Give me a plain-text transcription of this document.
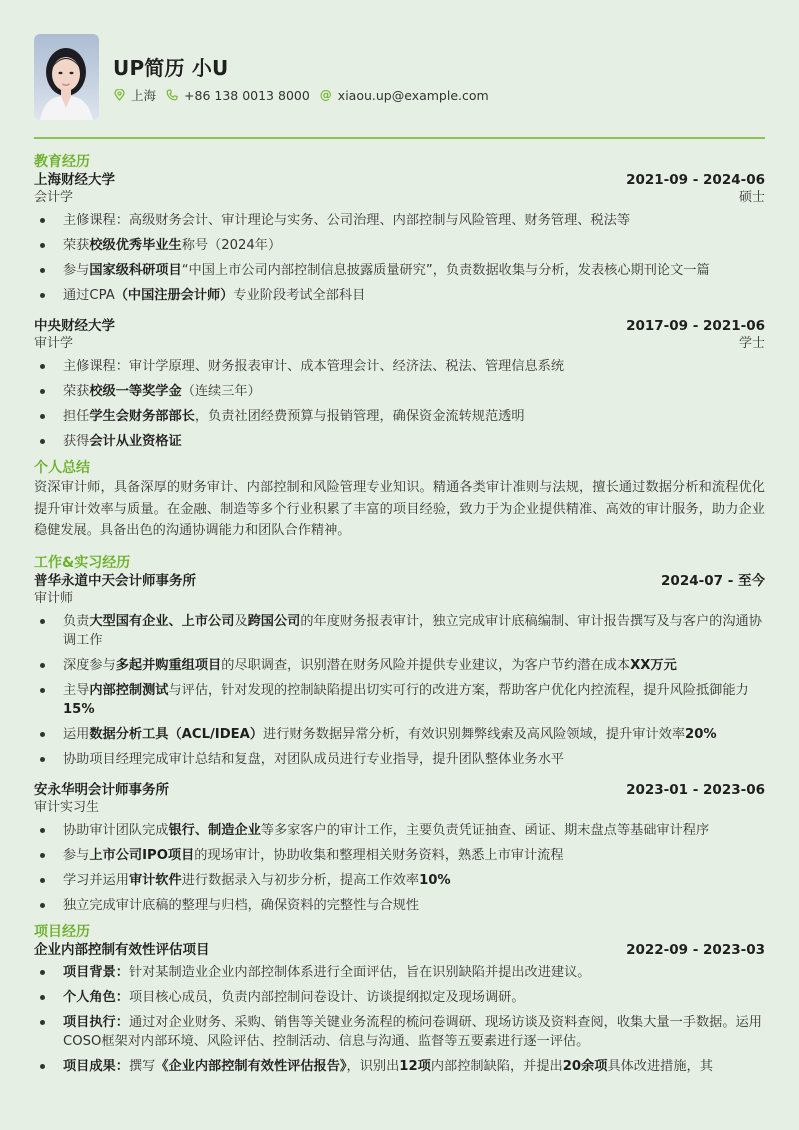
UP简历 小U
上海 +86 138 0013 8000 @ xiaou.up@example.com
教育经历
上海财经大学	2021-09 - 2024-06
会计学	硕士
主修课程：高级财务会计、审计理论与实务、公司治理、内部控制与风险管理、财务管理、税法等
荣获校级优秀毕业生称号（2024年）
参与国家级科研项目“中国上市公司内部控制信息披露质量研究”，负责数据收集与分析，发表核心期刊论文一篇
通过CPA（中国注册会计师）专业阶段考试全部科目
中央财经大学	2017-09 - 2021-06
审计学	学士
主修课程：审计学原理、财务报表审计、成本管理会计、经济法、税法、管理信息系统
荣获校级一等奖学金（连续三年）
担任学生会财务部部长，负责社团经费预算与报销管理，确保资金流转规范透明
获得会计从业资格证
个人总结
资深审计师，具备深厚的财务审计、内部控制和风险管理专业知识。精通各类审计准则与法规，擅长通过数据分析和流程优化提升审计效率与质量。在金融、制造等多个行业积累了丰富的项目经验，致力于为企业提供精准、高效的审计服务，助力企业稳健发展。具备出色的沟通协调能力和团队合作精神。
工作&实习经历
普华永道中天会计师事务所	2024-07 - 至今
审计师
负责大型国有企业、上市公司及跨国公司的年度财务报表审计，独立完成审计底稿编制、审计报告撰写及与客户的沟通协调工作
深度参与多起并购重组项目的尽职调查，识别潜在财务风险并提供专业建议，为客户节约潜在成本XX万元
主导内部控制测试与评估，针对发现的控制缺陷提出切实可行的改进方案，帮助客户优化内控流程，提升风险抵御能力15%
运用数据分析工具（ACL/IDEA）进行财务数据异常分析，有效识别舞弊线索及高风险领域，提升审计效率20%
协助项目经理完成审计总结和复盘，对团队成员进行专业指导，提升团队整体业务水平
安永华明会计师事务所	2023-01 - 2023-06
审计实习生
协助审计团队完成银行、制造企业等多家客户的审计工作，主要负责凭证抽查、函证、期末盘点等基础审计程序
参与上市公司IPO项目的现场审计，协助收集和整理相关财务资料，熟悉上市审计流程
学习并运用审计软件进行数据录入与初步分析，提高工作效率10%
独立完成审计底稿的整理与归档，确保资料的完整性与合规性
项目经历
企业内部控制有效性评估项目	2022-09 - 2023-03
项目背景：针对某制造业企业内部控制体系进行全面评估，旨在识别缺陷并提出改进建议。
个人角色：项目核心成员，负责内部控制问卷设计、访谈提纲拟定及现场调研。
项目执行：通过对企业财务、采购、销售等关键业务流程的梳问卷调研、现场访谈及资料查阅，收集大量一手数据。运用COSO框架对内部环境、风险评估、控制活动、信息与沟通、监督等五要素进行逐一评估。
项目成果：撰写《企业内部控制有效性评估报告》，识别出12项内部控制缺陷，并提出20余项具体改进措施，其
